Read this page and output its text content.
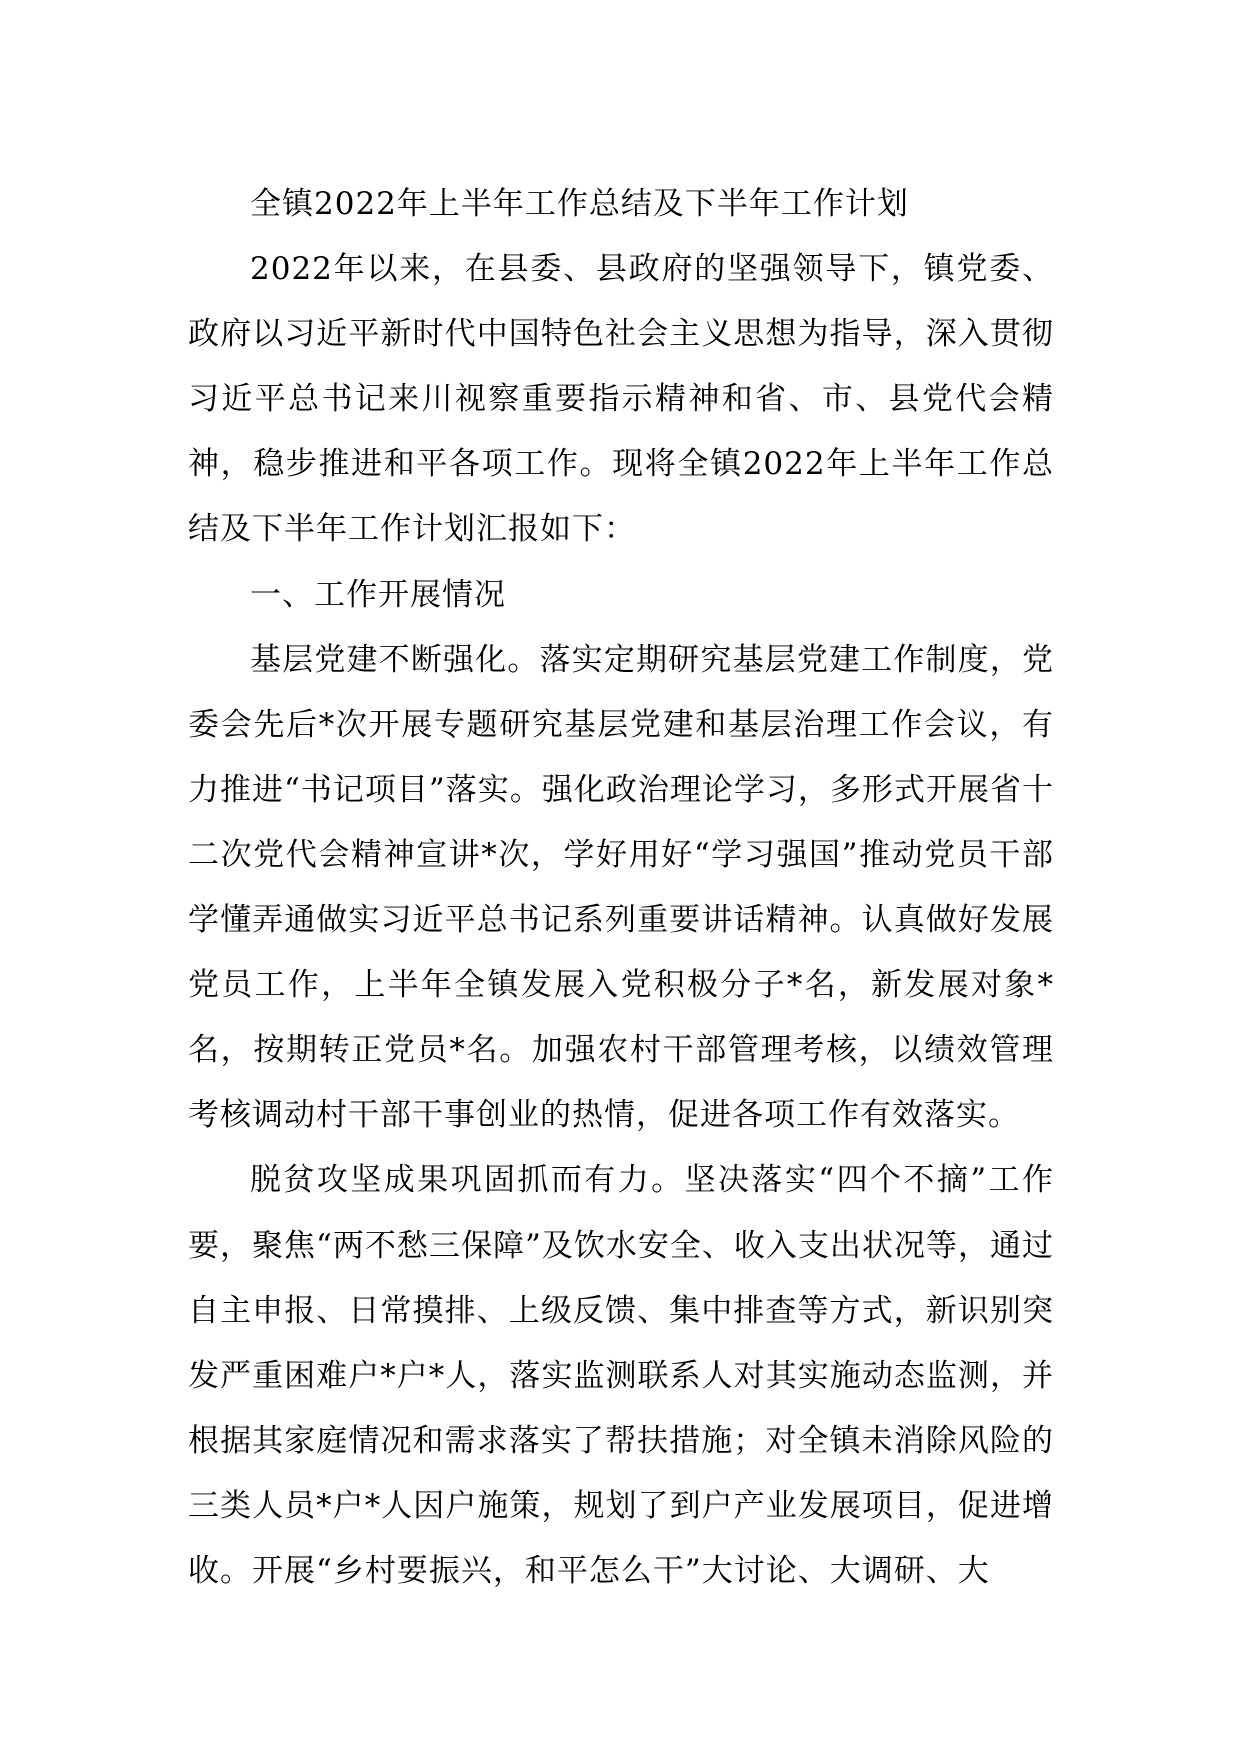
全镇2022年上半年工作总结及下半年工作计划

2022年以来，在县委、县政府的坚强领导下，镇党委、政府以习近平新时代中国特色社会主义思想为指导，深入贯彻习近平总书记来川视察重要指示精神和省、市、县党代会精神，稳步推进和平各项工作。现将全镇2022年上半年工作总结及下半年工作计划汇报如下：

一、工作开展情况

基层党建不断强化。落实定期研究基层党建工作制度，党委会先后*次开展专题研究基层党建和基层治理工作会议，有力推进“书记项目”落实。强化政治理论学习，多形式开展省十二次党代会精神宣讲*次，学好用好“学习强国”推动党员干部学懂弄通做实习近平总书记系列重要讲话精神。认真做好发展党员工作，上半年全镇发展入党积极分子*名，新发展对象*名，按期转正党员*名。加强农村干部管理考核，以绩效管理考核调动村干部干事创业的热情，促进各项工作有效落实。

脱贫攻坚成果巩固抓而有力。坚决落实“四个不摘”工作要，聚焦“两不愁三保障”及饮水安全、收入支出状况等，通过自主申报、日常摸排、上级反馈、集中排查等方式，新识别突发严重困难户*户*人，落实监测联系人对其实施动态监测，并根据其家庭情况和需求落实了帮扶措施；对全镇未消除风险的三类人员*户*人因户施策，规划了到户产业发展项目，促进增收。开展“乡村要振兴，和平怎么干”大讨论、大调研、大
